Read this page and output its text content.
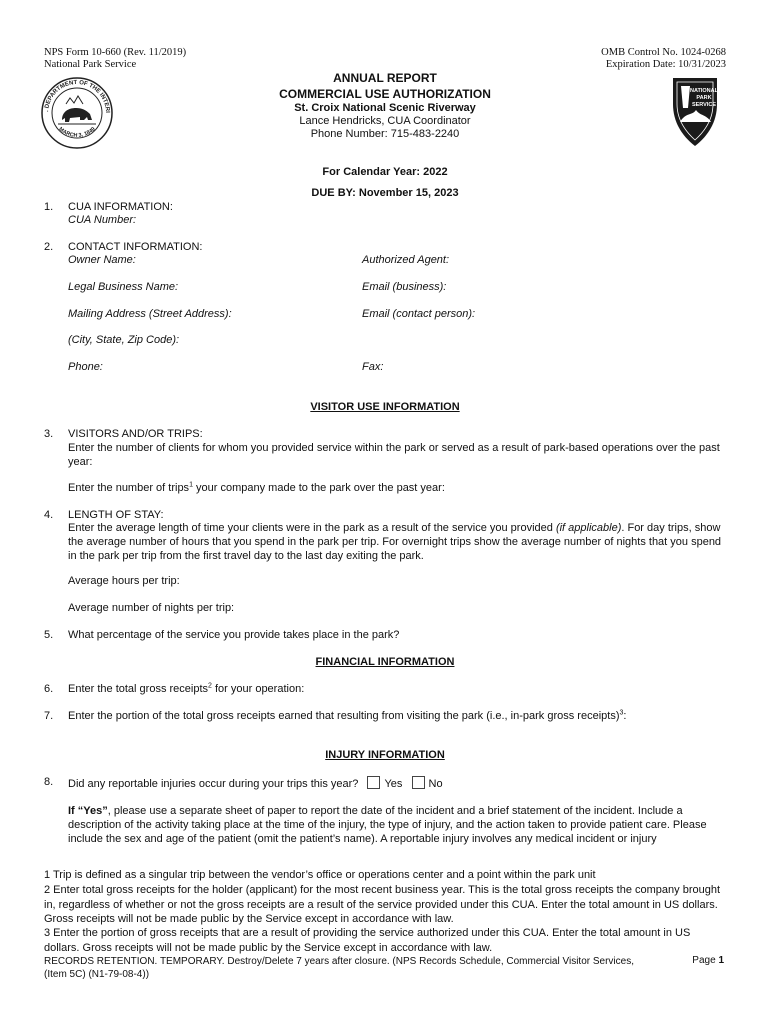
NPS Form 10-660 (Rev. 11/2019)
National Park Service
OMB Control No. 1024-0268
Expiration Date: 10/31/2023
. DEPARTMENT OF THE INTERI
MARCH 3, 1849
NATIONAL
PARK
SERVICE
ANNUAL REPORT
COMMERCIAL USE AUTHORIZATION
St. Croix National Scenic Riverway
Lance Hendricks, CUA Coordinator
Phone Number: 715-483-2240
For Calendar Year: 2022
DUE BY: November 15, 2023
1.	CUA INFORMATION:
CUA Number:
2.	CONTACT INFORMATION:
Owner Name:	Authorized Agent:
Legal Business Name:	Email (business):
Mailing Address (Street Address):	Email (contact person):
(City, State, Zip Code):
Phone:	Fax:
VISITOR USE INFORMATION
3.	VISITORS AND/OR TRIPS:
Enter the number of clients for whom you provided service within the park or served as a result of park-based operations over the past year:
Enter the number of trips$^1$ your company made to the park over the past year:
4.	LENGTH OF STAY:
Enter the average length of time your clients were in the park as a result of the service you provided (if applicable). For day trips, show the average number of hours that you spend in the park per trip. For overnight trips show the average number of nights that you spend in the park per trip from the first travel day to the last day exiting the park.
Average hours per trip:
Average number of nights per trip:
5.	What percentage of the service you provide takes place in the park?
FINANCIAL INFORMATION
6.	Enter the total gross receipts$^2$ for your operation:
7.	Enter the portion of the total gross receipts earned that resulting from visiting the park (i.e., in-park gross receipts)$^3$:
INJURY INFORMATION
8.	Did any reportable injuries occur during your trips this year? Yes No
If “Yes”, please use a separate sheet of paper to report the date of the incident and a brief statement of the incident. Include a description of the activity taking place at the time of the injury, the type of injury, and the action taken to provide patient care. Please include the sex and age of the patient (omit the patient’s name). A reportable injury involves any medical incident or injury
1 Trip is defined as a singular trip between the vendor’s office or operations center and a point within the park unit
2 Enter total gross receipts for the holder (applicant) for the most recent business year. This is the total gross receipts the company brought in, regardless of whether or not the gross receipts are a result of the service provided under this CUA. Enter the total amount in US dollars. Gross receipts will not be made public by the Service except in accordance with law.
3 Enter the portion of gross receipts that are a result of providing the service authorized under this CUA. Enter the total amount in US dollars. Gross receipts will not be made public by the Service except in accordance with law.
RECORDS RETENTION. TEMPORARY. Destroy/Delete 7 years after closure. (NPS Records Schedule, Commercial Visitor Services, (Item 5C) (N1-79-08-4))
Page 1
